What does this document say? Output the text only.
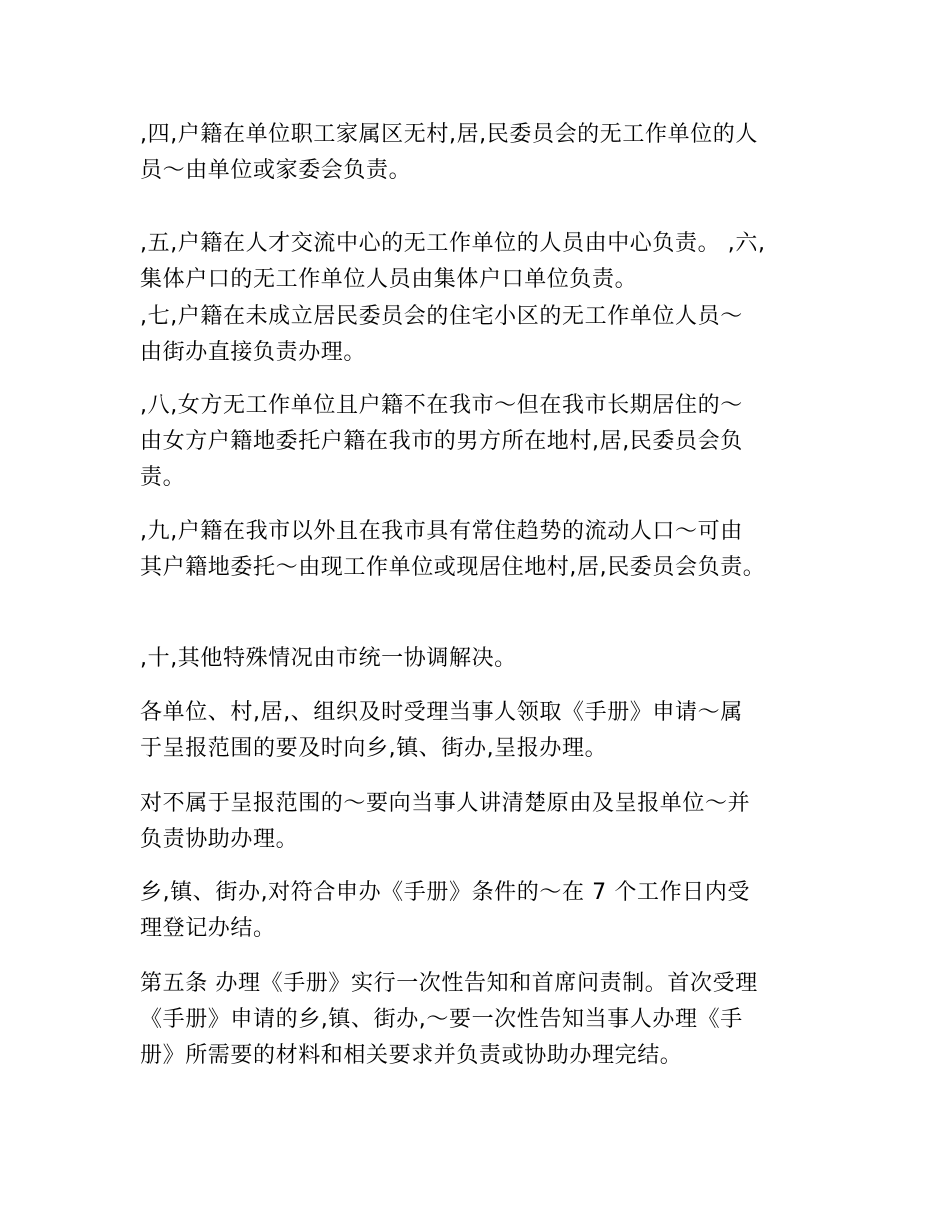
,四,户籍在单位职工家属区无村,居,民委员会的无工作单位的人
员～由单位或家委会负责。

,五,户籍在人才交流中心的无工作单位的人员由中心负责。 ,六,
集体户口的无工作单位人员由集体户口单位负责。

,七,户籍在未成立居民委员会的住宅小区的无工作单位人员～
由街办直接负责办理。

,八,女方无工作单位且户籍不在我市～但在我市长期居住的～
由女方户籍地委托户籍在我市的男方所在地村,居,民委员会负
责。

,九,户籍在我市以外且在我市具有常住趋势的流动人口～可由
其户籍地委托～由现工作单位或现居住地村,居,民委员会负责。

,十,其他特殊情况由市统一协调解决。

各单位、村,居,、组织及时受理当事人领取《手册》申请～属
于呈报范围的要及时向乡,镇、街办,呈报办理。

对不属于呈报范围的～要向当事人讲清楚原由及呈报单位～并
负责协助办理。

乡,镇、街办,对符合申办《手册》条件的～在 7 个工作日内受
理登记办结。

第五条 办理《手册》实行一次性告知和首席问责制。首次受理
《手册》申请的乡,镇、街办,～要一次性告知当事人办理《手
册》所需要的材料和相关要求并负责或协助办理完结。
